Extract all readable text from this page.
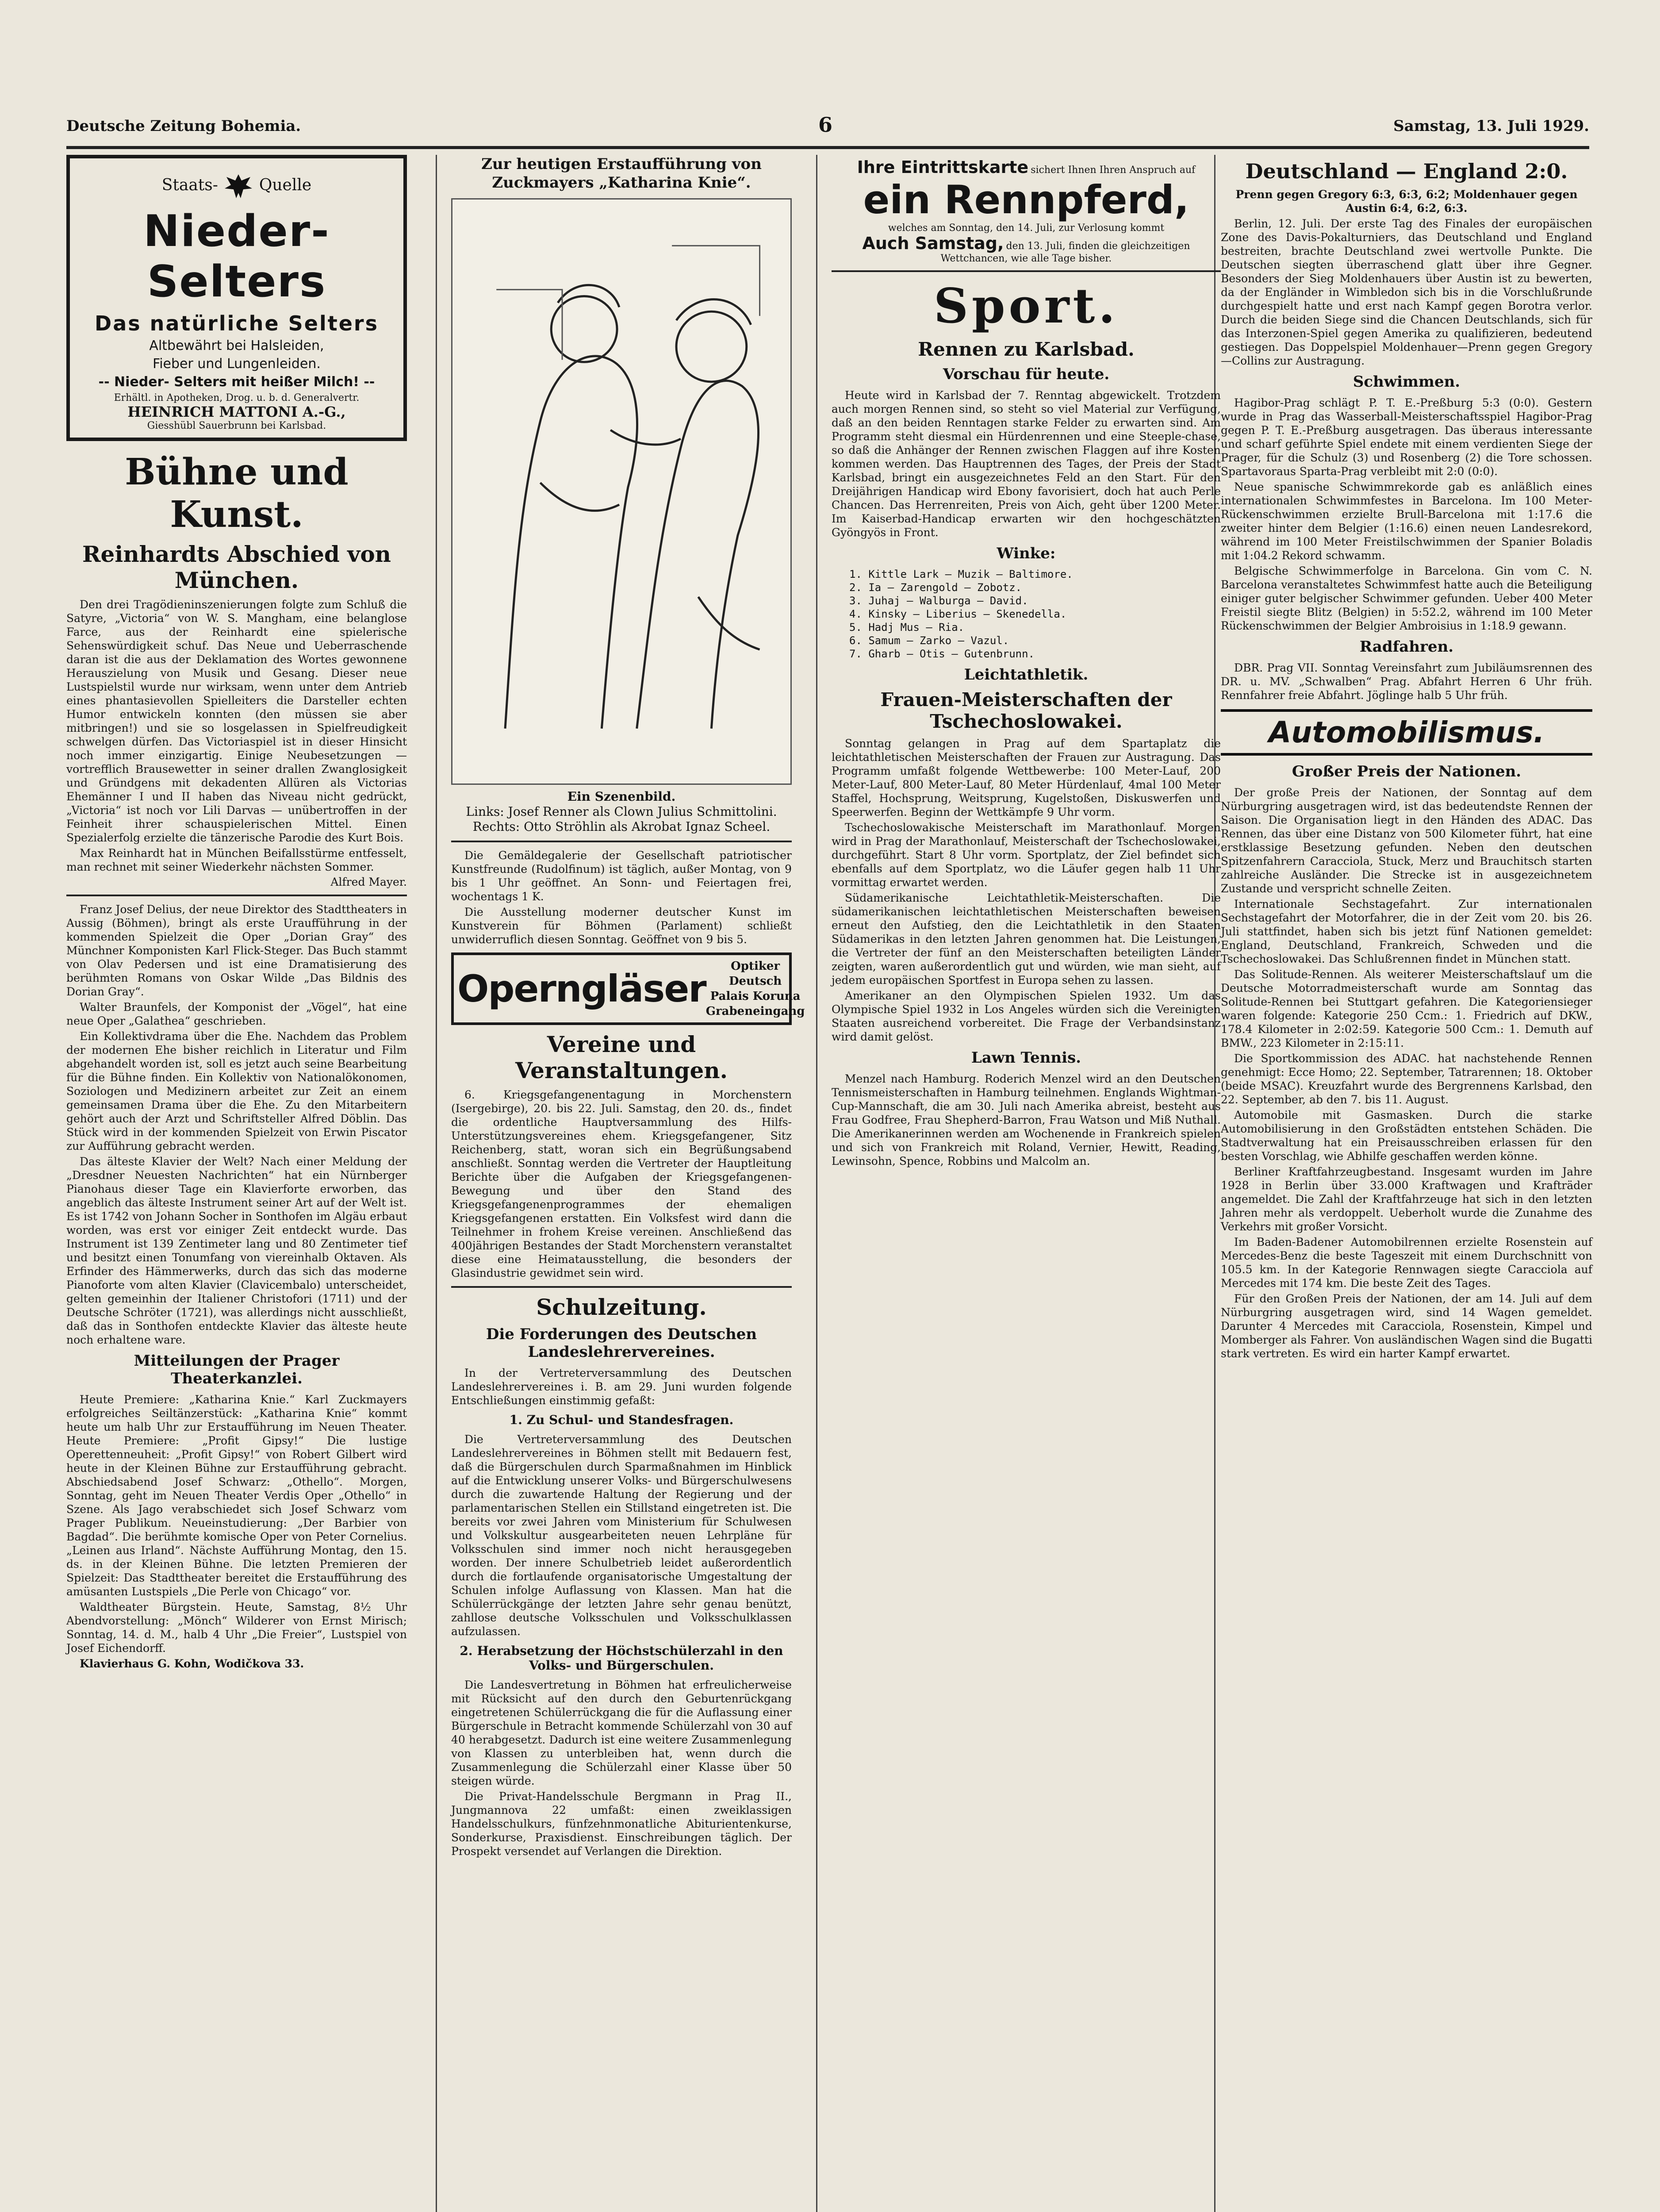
Deutsche Zeitung Bohemia.	6	Samstag, 13. Juli 1929.
Staats-	Quelle
Nieder-Selters
Das natürliche Selters
Altbewährt bei Halsleiden,
Fieber und Lungenleiden.
-- Nieder- Selters mit heißer Milch! --
Erhältl. in Apotheken, Drog. u. b. d. Generalvertr.
HEINRICH MATTONI A.-G.,
Giesshübl Sauerbrunn bei Karlsbad.
Bühne und Kunst.
Reinhardts Abschied von München.

Den drei Tragödieninszenierungen folgte zum Schluß die Satyre, „Victoria“ von W. S. Mangham, eine belanglose Farce, aus der Reinhardt eine spielerische Sehenswürdigkeit schuf. Das Neue und Ueberraschende daran ist die aus der Deklamation des Wortes gewonnene Herauszielung von Musik und Gesang. Dieser neue Lustspielstil wurde nur wirksam, wenn unter dem Antrieb eines phantasievollen Spielleiters die Darsteller echten Humor entwickeln konnten (den müssen sie aber mitbringen!) und sie so losgelassen in Spielfreudigkeit schwelgen dürfen. Das Victoriaspiel ist in dieser Hinsicht noch immer einzigartig. Einige Neubesetzungen — vortrefflich Brausewetter in seiner drallen Zwanglosigkeit und Gründgens mit dekadenten Allüren als Victorias Ehemänner I und II haben das Niveau nicht gedrückt, „Victoria“ ist noch vor Lili Darvas — unübertroffen in der Feinheit ihrer schauspielerischen Mittel. Einen Spezialerfolg erzielte die tänzerische Parodie des Kurt Bois.

Max Reinhardt hat in München Beifallsstürme entfesselt, man rechnet mit seiner Wiederkehr nächsten Sommer.

Alfred Mayer.

Franz Josef Delius, der neue Direktor des Stadttheaters in Aussig (Böhmen), bringt als erste Uraufführung in der kommenden Spielzeit die Oper „Dorian Gray“ des Münchner Komponisten Karl Flick-Steger. Das Buch stammt von Olav Pedersen und ist eine Dramatisierung des berühmten Romans von Oskar Wilde „Das Bildnis des Dorian Gray“.

Walter Braunfels, der Komponist der „Vögel“, hat eine neue Oper „Galathea“ geschrieben.

Ein Kollektivdrama über die Ehe. Nachdem das Problem der modernen Ehe bisher reichlich in Literatur und Film abgehandelt worden ist, soll es jetzt auch seine Bearbeitung für die Bühne finden. Ein Kollektiv von Nationalökonomen, Soziologen und Medizinern arbeitet zur Zeit an einem gemeinsamen Drama über die Ehe. Zu den Mitarbeitern gehört auch der Arzt und Schriftsteller Alfred Döblin. Das Stück wird in der kommenden Spielzeit von Erwin Piscator zur Aufführung gebracht werden.

Das älteste Klavier der Welt? Nach einer Meldung der „Dresdner Neuesten Nachrichten“ hat ein Nürnberger Pianohaus dieser Tage ein Klavierforte erworben, das angeblich das älteste Instrument seiner Art auf der Welt ist. Es ist 1742 von Johann Socher in Sonthofen im Algäu erbaut worden, was erst vor einiger Zeit entdeckt wurde. Das Instrument ist 139 Zentimeter lang und 80 Zentimeter tief und besitzt einen Tonumfang von viereinhalb Oktaven. Als Erfinder des Hämmerwerks, durch das sich das moderne Pianoforte vom alten Klavier (Clavicembalo) unterscheidet, gelten gemeinhin der Italiener Christofori (1711) und der Deutsche Schröter (1721), was allerdings nicht ausschließt, daß das in Sonthofen entdeckte Klavier das älteste heute noch erhaltene ware.

Mitteilungen der Prager Theaterkanzlei.

Heute Premiere: „Katharina Knie.“ Karl Zuckmayers erfolgreiches Seiltänzerstück: „Katharina Knie“ kommt heute um halb Uhr zur Erstaufführung im Neuen Theater. Heute Premiere: „Profit Gipsy!“ Die lustige Operettenneuheit: „Profit Gipsy!“ von Robert Gilbert wird heute in der Kleinen Bühne zur Erstaufführung gebracht. Abschiedsabend Josef Schwarz: „Othello“. Morgen, Sonntag, geht im Neuen Theater Verdis Oper „Othello“ in Szene. Als Jago verabschiedet sich Josef Schwarz vom Prager Publikum. Neueinstudierung: „Der Barbier von Bagdad“. Die berühmte komische Oper von Peter Cornelius. „Leinen aus Irland“. Nächste Aufführung Montag, den 15. ds. in der Kleinen Bühne. Die letzten Premieren der Spielzeit: Das Stadttheater bereitet die Erstaufführung des amüsanten Lustspiels „Die Perle von Chicago“ vor.

Waldtheater Bürgstein. Heute, Samstag, 8½ Uhr Abendvorstellung: „Mönch“ Wilderer von Ernst Mirisch; Sonntag, 14. d. M., halb 4 Uhr „Die Freier“, Lustspiel von Josef Eichendorff.

Klavierhaus G. Kohn, Wodičkova 33.

Zur heutigen Erstaufführung von Zuckmayers „Katharina Knie“.
Ein Szenenbild.
Links: Josef Renner als Clown Julius Schmittolini.
Rechts: Otto Ströhlin als Akrobat Ignaz Scheel.

Die Gemäldegalerie der Gesellschaft patriotischer Kunstfreunde (Rudolfinum) ist täglich, außer Montag, von 9 bis 1 Uhr geöffnet. An Sonn- und Feiertagen frei, wochentags 1 K.

Die Ausstellung moderner deutscher Kunst im Kunstverein für Böhmen (Parlament) schließt unwiderruflich diesen Sonntag. Geöffnet von 9 bis 5.

Operngläser
Optiker Deutsch
Palais Koruna
Grabeneingang
Vereine und Veranstaltungen.

6. Kriegsgefangenentagung in Morchenstern (Isergebirge), 20. bis 22. Juli. Samstag, den 20. ds., findet die ordentliche Hauptversammlung des Hilfs-Unterstützungsvereines ehem. Kriegsgefangener, Sitz Reichenberg, statt, woran sich ein Begrüßungsabend anschließt. Sonntag werden die Vertreter der Hauptleitung Berichte über die Aufgaben der Kriegsgefangenen-Bewegung und über den Stand des Kriegsgefangenenprogrammes der ehemaligen Kriegsgefangenen erstatten. Ein Volksfest wird dann die Teilnehmer in frohem Kreise vereinen. Anschließend das 400jährigen Bestandes der Stadt Morchenstern veranstaltet diese eine Heimatausstellung, die besonders der Glasindustrie gewidmet sein wird.

Schulzeitung.
Die Forderungen des Deutschen Landeslehrervereines.

In der Vertreterversammlung des Deutschen Landeslehrervereines i. B. am 29. Juni wurden folgende Entschließungen einstimmig gefaßt:

1. Zu Schul- und Standesfragen.

Die Vertreterversammlung des Deutschen Landeslehrervereines in Böhmen stellt mit Bedauern fest, daß die Bürgerschulen durch Sparmaßnahmen im Hinblick auf die Entwicklung unserer Volks- und Bürgerschulwesens durch die zuwartende Haltung der Regierung und der parlamentarischen Stellen ein Stillstand eingetreten ist. Die bereits vor zwei Jahren vom Ministerium für Schulwesen und Volkskultur ausgearbeiteten neuen Lehrpläne für Volksschulen sind immer noch nicht herausgegeben worden. Der innere Schulbetrieb leidet außerordentlich durch die fortlaufende organisatorische Umgestaltung der Schulen infolge Auflassung von Klassen. Man hat die Schülerrückgänge der letzten Jahre sehr genau benützt, zahllose deutsche Volksschulen und Volksschulklassen aufzulassen.

2. Herabsetzung der Höchstschülerzahl in den Volks- und Bürgerschulen.

Die Landesvertretung in Böhmen hat erfreulicherweise mit Rücksicht auf den durch den Geburtenrückgang eingetretenen Schülerrückgang die für die Auflassung einer Bürgerschule in Betracht kommende Schülerzahl von 30 auf 40 herabgesetzt. Dadurch ist eine weitere Zusammenlegung von Klassen zu unterbleiben hat, wenn durch die Zusammenlegung die Schülerzahl einer Klasse über 50 steigen würde.

Die Privat-Handelsschule Bergmann in Prag II., Jungmannova 22 umfaßt: einen zweiklassigen Handelsschulkurs, fünfzehnmonatliche Abiturientenkurse, Sonderkurse, Praxisdienst. Einschreibungen täglich. Der Prospekt versendet auf Verlangen die Direktion.

Ihre Eintrittskarte sichert Ihnen Ihren Anspruch auf
ein Rennpferd,
welches am Sonntag, den 14. Juli, zur Verlosung kommt
Auch Samstag, den 13. Juli, finden die gleichzeitigen Wettchancen, wie alle Tage bisher.
Sport.
Rennen zu Karlsbad.
Vorschau für heute.

Heute wird in Karlsbad der 7. Renntag abgewickelt. Trotzdem auch morgen Rennen sind, so steht so viel Material zur Verfügung, daß an den beiden Renntagen starke Felder zu erwarten sind. Am Programm steht diesmal ein Hürdenrennen und eine Steeple-chase, so daß die Anhänger der Rennen zwischen Flaggen auf ihre Kosten kommen werden. Das Hauptrennen des Tages, der Preis der Stadt Karlsbad, bringt ein ausgezeichnetes Feld an den Start. Für den Dreijährigen Handicap wird Ebony favorisiert, doch hat auch Perle Chancen. Das Herrenreiten, Preis von Aich, geht über 1200 Meter. Im Kaiserbad-Handicap erwarten wir den hochgeschätzten Gyöngyös in Front.

Winke:
1. Kittle Lark — Muzik — Baltimore.
2. Ia — Zarengold — Zobotz.
3. Juhaj — Walburga — David.
4. Kinsky — Liberius — Skenedella.
5. Hadj Mus — Ria.
6. Samum — Zarko — Vazul.
7. Gharb — Otis — Gutenbrunn.
Leichtathletik.
Frauen-Meisterschaften der Tschechoslowakei.

Sonntag gelangen in Prag auf dem Spartaplatz die leichtathletischen Meisterschaften der Frauen zur Austragung. Das Programm umfaßt folgende Wettbewerbe: 100 Meter-Lauf, 200 Meter-Lauf, 800 Meter-Lauf, 80 Meter Hürdenlauf, 4mal 100 Meter Staffel, Hochsprung, Weitsprung, Kugelstoßen, Diskuswerfen und Speerwerfen. Beginn der Wettkämpfe 9 Uhr vorm.

Tschechoslowakische Meisterschaft im Marathonlauf. Morgen wird in Prag der Marathonlauf, Meisterschaft der Tschechoslowakei, durchgeführt. Start 8 Uhr vorm. Sportplatz, der Ziel befindet sich ebenfalls auf dem Sportplatz, wo die Läufer gegen halb 11 Uhr vormittag erwartet werden.

Südamerikanische Leichtathletik-Meisterschaften. Die südamerikanischen leichtathletischen Meisterschaften beweisen erneut den Aufstieg, den die Leichtathletik in den Staaten Südamerikas in den letzten Jahren genommen hat. Die Leistungen, die Vertreter der fünf an den Meisterschaften beteiligten Länder zeigten, waren außerordentlich gut und würden, wie man sieht, auf jedem europäischen Sportfest in Europa sehen zu lassen.

Amerikaner an den Olympischen Spielen 1932. Um das Olympische Spiel 1932 in Los Angeles würden sich die Vereinigten Staaten ausreichend vorbereitet. Die Frage der Verbandsinstanz wird damit gelöst.

Lawn Tennis.

Menzel nach Hamburg. Roderich Menzel wird an den Deutschen Tennismeisterschaften in Hamburg teilnehmen. Englands Wightman-Cup-Mannschaft, die am 30. Juli nach Amerika abreist, besteht aus Frau Godfree, Frau Shepherd-Barron, Frau Watson und Miß Nuthall. Die Amerikanerinnen werden am Wochenende in Frankreich spielen und sich von Frankreich mit Roland, Vernier, Hewitt, Reading, Lewinsohn, Spence, Robbins und Malcolm an.

Deutschland — England 2:0.

Prenn gegen Gregory 6:3, 6:3, 6:2; Moldenhauer gegen Austin 6:4, 6:2, 6:3.

Berlin, 12. Juli. Der erste Tag des Finales der europäischen Zone des Davis-Pokalturniers, das Deutschland und England bestreiten, brachte Deutschland zwei wertvolle Punkte. Die Deutschen siegten überraschend glatt über ihre Gegner. Besonders der Sieg Moldenhauers über Austin ist zu bewerten, da der Engländer in Wimbledon sich bis in die Vorschlußrunde durchgespielt hatte und erst nach Kampf gegen Borotra verlor. Durch die beiden Siege sind die Chancen Deutschlands, sich für das Interzonen-Spiel gegen Amerika zu qualifizieren, bedeutend gestiegen. Das Doppelspiel Moldenhauer—Prenn gegen Gregory—Collins zur Austragung.

Schwimmen.

Hagibor-Prag schlägt P. T. E.-Preßburg 5:3 (0:0). Gestern wurde in Prag das Wasserball-Meisterschaftsspiel Hagibor-Prag gegen P. T. E.-Preßburg ausgetragen. Das überaus interessante und scharf geführte Spiel endete mit einem verdienten Siege der Prager, für die Schulz (3) und Rosenberg (2) die Tore schossen. Spartavoraus Sparta-Prag verbleibt mit 2:0 (0:0).

Neue spanische Schwimmrekorde gab es anläßlich eines internationalen Schwimmfestes in Barcelona. Im 100 Meter-Rückenschwimmen erzielte Brull-Barcelona mit 1:17.6 die zweiter hinter dem Belgier (1:16.6) einen neuen Landesrekord, während im 100 Meter Freistilschwimmen der Spanier Boladis mit 1:04.2 Rekord schwamm.

Belgische Schwimmerfolge in Barcelona. Gin vom C. N. Barcelona veranstaltetes Schwimmfest hatte auch die Beteiligung einiger guter belgischer Schwimmer gefunden. Ueber 400 Meter Freistil siegte Blitz (Belgien) in 5:52.2, während im 100 Meter Rückenschwimmen der Belgier Ambroisius in 1:18.9 gewann.

Radfahren.

DBR. Prag VII. Sonntag Vereinsfahrt zum Jubiläumsrennen des DR. u. MV. „Schwalben“ Prag. Abfahrt Herren 6 Uhr früh. Rennfahrer freie Abfahrt. Jöglinge halb 5 Uhr früh.

Automobilismus.
Großer Preis der Nationen.

Der große Preis der Nationen, der Sonntag auf dem Nürburgring ausgetragen wird, ist das bedeutendste Rennen der Saison. Die Organisation liegt in den Händen des ADAC. Das Rennen, das über eine Distanz von 500 Kilometer führt, hat eine erstklassige Besetzung gefunden. Neben den deutschen Spitzenfahrern Caracciola, Stuck, Merz und Brauchitsch starten zahlreiche Ausländer. Die Strecke ist in ausgezeichnetem Zustande und verspricht schnelle Zeiten.

Internationale Sechstagefahrt. Zur internationalen Sechstagefahrt der Motorfahrer, die in der Zeit vom 20. bis 26. Juli stattfindet, haben sich bis jetzt fünf Nationen gemeldet: England, Deutschland, Frankreich, Schweden und die Tschechoslowakei. Das Schlußrennen findet in München statt.

Das Solitude-Rennen. Als weiterer Meisterschaftslauf um die Deutsche Motorradmeisterschaft wurde am Sonntag das Solitude-Rennen bei Stuttgart gefahren. Die Kategoriensieger waren folgende: Kategorie 250 Ccm.: 1. Friedrich auf DKW., 178.4 Kilometer in 2:02:59. Kategorie 500 Ccm.: 1. Demuth auf BMW., 223 Kilometer in 2:15:11.

Die Sportkommission des ADAC. hat nachstehende Rennen genehmigt: Ecce Homo; 22. September, Tatrarennen; 18. Oktober (beide MSAC). Kreuzfahrt wurde des Bergrennens Karlsbad, den 22. September, ab den 7. bis 11. August.

Automobile mit Gasmasken. Durch die starke Automobilisierung in den Großstädten entstehen Schäden. Die Stadtverwaltung hat ein Preisausschreiben erlassen für den besten Vorschlag, wie Abhilfe geschaffen werden könne.

Berliner Kraftfahrzeugbestand. Insgesamt wurden im Jahre 1928 in Berlin über 33.000 Kraftwagen und Krafträder angemeldet. Die Zahl der Kraftfahrzeuge hat sich in den letzten Jahren mehr als verdoppelt. Ueberholt wurde die Zunahme des Verkehrs mit großer Vorsicht.

Im Baden-Badener Automobilrennen erzielte Rosenstein auf Mercedes-Benz die beste Tageszeit mit einem Durchschnitt von 105.5 km. In der Kategorie Rennwagen siegte Caracciola auf Mercedes mit 174 km. Die beste Zeit des Tages.

Für den Großen Preis der Nationen, der am 14. Juli auf dem Nürburgring ausgetragen wird, sind 14 Wagen gemeldet. Darunter 4 Mercedes mit Caracciola, Rosenstein, Kimpel und Momberger als Fahrer. Von ausländischen Wagen sind die Bugatti stark vertreten. Es wird ein harter Kampf erwartet.
